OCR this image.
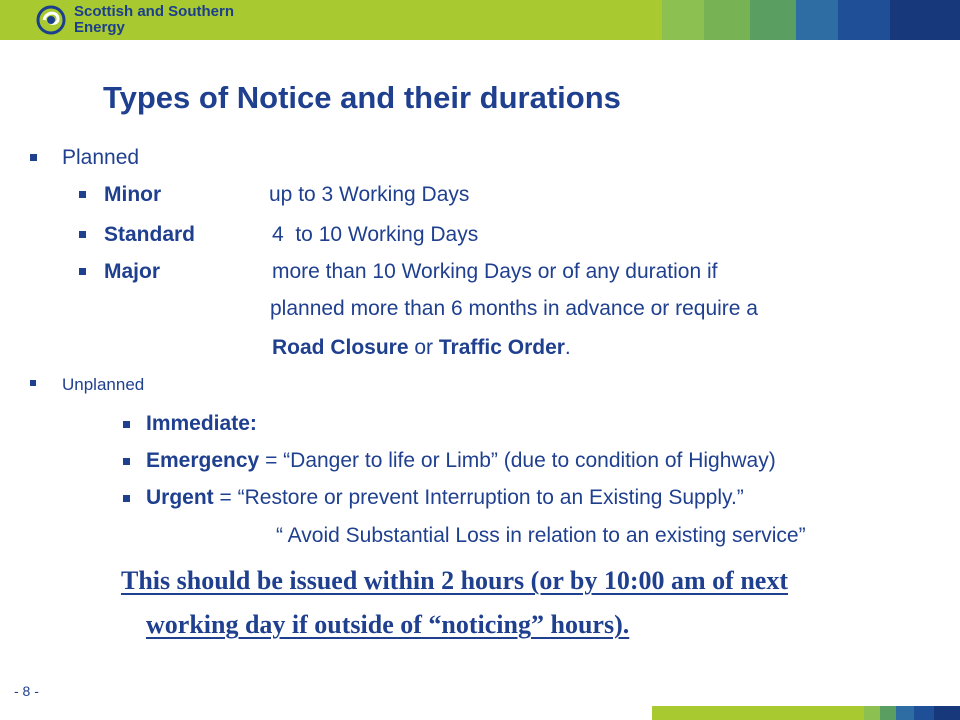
Scottish and Southern
Energy
Types of Notice and their durations
Planned
Minor	up to 3 Working Days
Standard	4  to 10 Working Days
Major	more than 10 Working Days or of any duration if
planned more than 6 months in advance or require a
Road Closure or Traffic Order.
Unplanned
Immediate:
Emergency = “Danger to life or Limb” (due to condition of Highway)
Urgent = “Restore or prevent Interruption to an Existing Supply.”
“ Avoid Substantial Loss in relation to an existing service”
This should be issued within 2 hours (or by 10:00 am of next
working day if outside of “noticing” hours).
- 8 -
